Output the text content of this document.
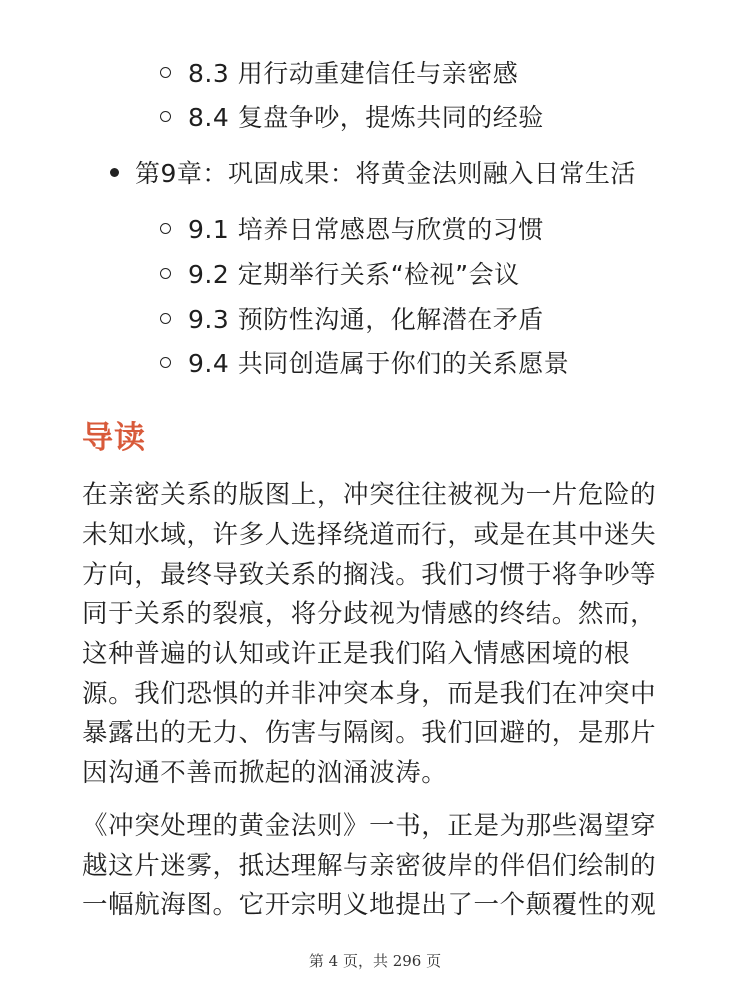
8.3 用行动重建信任与亲密感
8.4 复盘争吵，提炼共同的经验
第9章：巩固成果：将黄金法则融入日常生活
9.1 培养日常感恩与欣赏的习惯
9.2 定期举行关系“检视”会议
9.3 预防性沟通，化解潜在矛盾
9.4 共同创造属于你们的关系愿景
导读
在亲密关系的版图上，冲突往往被视为一片危险的
未知水域，许多人选择绕道而行，或是在其中迷失
方向，最终导致关系的搁浅。我们习惯于将争吵等
同于关系的裂痕，将分歧视为情感的终结。然而，
这种普遍的认知或许正是我们陷入情感困境的根
源。我们恐惧的并非冲突本身，而是我们在冲突中
暴露出的无力、伤害与隔阂。我们回避的，是那片
因沟通不善而掀起的汹涌波涛。
《冲突处理的黄金法则》一书，正是为那些渴望穿
越这片迷雾，抵达理解与亲密彼岸的伴侣们绘制的
一幅航海图。它开宗明义地提出了一个颠覆性的观
第 4 页，共 296 页
